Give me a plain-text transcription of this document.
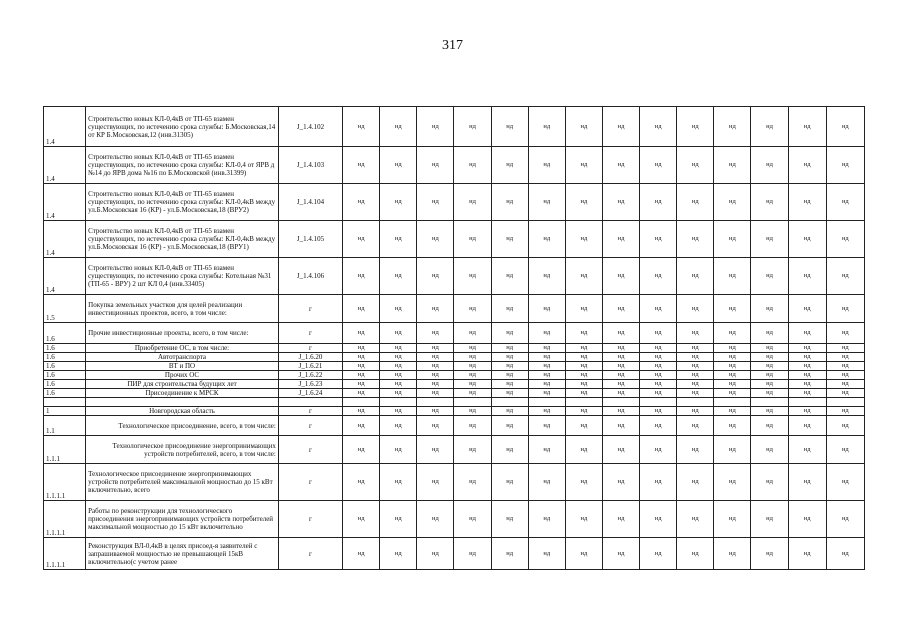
317
1.4	Строительство новых КЛ-0,4кВ от ТП-65 взамен существующих, по истечению срока службы: Б.Московская,14 от КР Б.Московская,12 (инв.31305)	J_1.4.102	нд	нд	нд	нд	нд	нд	нд	нд	нд	нд	нд	нд	нд	нд
1.4	Строительство новых КЛ-0,4кВ от ТП-65 взамен существующих, по истечению срока службы: КЛ-0,4 от ЯРВ д №14 до ЯРВ дома №16 по Б.Московской (инв.31399)	J_1.4.103	нд	нд	нд	нд	нд	нд	нд	нд	нд	нд	нд	нд	нд	нд
1.4	Строительство новых КЛ-0,4кВ от ТП-65 взамен существующих, по истечению срока службы: КЛ-0,4кВ между ул.Б.Московская 16 (КР) - ул.Б.Московская,18 (ВРУ2)	J_1.4.104	нд	нд	нд	нд	нд	нд	нд	нд	нд	нд	нд	нд	нд	нд
1.4	Строительство новых КЛ-0,4кВ от ТП-65 взамен существующих, по истечению срока службы: КЛ-0,4кВ между ул.Б.Московская 16 (КР) - ул.Б.Московская,18 (ВРУ1)	J_1.4.105	нд	нд	нд	нд	нд	нд	нд	нд	нд	нд	нд	нд	нд	нд
1.4	Строительство новых КЛ-0,4кВ от ТП-65 взамен существующих, по истечению срока службы: Котельная №31 (ТП-65 - ВРУ) 2 шт КЛ 0,4 (инв.33405)	J_1.4.106	нд	нд	нд	нд	нд	нд	нд	нд	нд	нд	нд	нд	нд	нд
1.5	Покупка земельных участков для целей реализации инвестиционных проектов, всего, в том числе:	г	нд	нд	нд	нд	нд	нд	нд	нд	нд	нд	нд	нд	нд	нд
1.6	Прочие инвестиционные проекты, всего, в том числе:	г	нд	нд	нд	нд	нд	нд	нд	нд	нд	нд	нд	нд	нд	нд
1.6	Приобретение ОС, в том числе:	г	нд	нд	нд	нд	нд	нд	нд	нд	нд	нд	нд	нд	нд	нд
1.6	Автотранспорта	J_1.6.20	нд	нд	нд	нд	нд	нд	нд	нд	нд	нд	нд	нд	нд	нд
1.6	ВТ и ПО	J_1.6.21	нд	нд	нд	нд	нд	нд	нд	нд	нд	нд	нд	нд	нд	нд
1.6	Прочих ОС	J_1.6.22	нд	нд	нд	нд	нд	нд	нд	нд	нд	нд	нд	нд	нд	нд
1.6	ПИР для строительства будущих лет	J_1.6.23	нд	нд	нд	нд	нд	нд	нд	нд	нд	нд	нд	нд	нд	нд
1.6	Присоединение к МРСК	J_1.6.24	нд	нд	нд	нд	нд	нд	нд	нд	нд	нд	нд	нд	нд	нд

1	Новгородская область	г	нд	нд	нд	нд	нд	нд	нд	нд	нд	нд	нд	нд	нд	нд
1.1	Технологическое присоединение, всего, в том числе:	г	нд	нд	нд	нд	нд	нд	нд	нд	нд	нд	нд	нд	нд	нд
1.1.1	Технологическое присоединение энергопринимающих устройств потребителей, всего, в том числе:	г	нд	нд	нд	нд	нд	нд	нд	нд	нд	нд	нд	нд	нд	нд
1.1.1.1	Технологическое присоединение энергопринимающих устройств потребителей максимальной мощностью до 15 кВт включительно, всего	г	нд	нд	нд	нд	нд	нд	нд	нд	нд	нд	нд	нд	нд	нд
1.1.1.1	Работы по реконструкции для технологического присоединения энергопринимающих устройств потребителей максимальной мощностью до 15 кВт включительно	г	нд	нд	нд	нд	нд	нд	нд	нд	нд	нд	нд	нд	нд	нд
1.1.1.1	Реконструкция ВЛ-0,4кВ в целях присоед-я заявителей с запрашиваемой мощностью не превышающей 15кВ включительно(с учетом ранее	г	нд	нд	нд	нд	нд	нд	нд	нд	нд	нд	нд	нд	нд	нд
